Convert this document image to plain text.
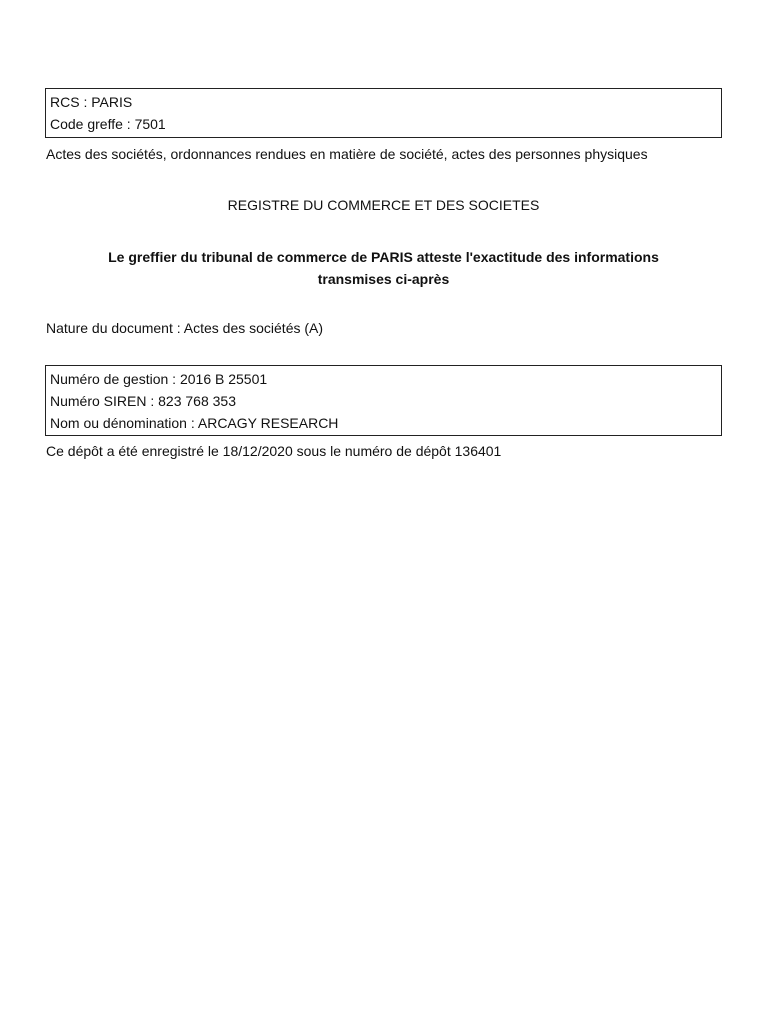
RCS : PARIS
Code greffe : 7501
Actes des sociétés, ordonnances rendues en matière de société, actes des personnes physiques
REGISTRE DU COMMERCE ET DES SOCIETES
Le greffier du tribunal de commerce de PARIS atteste l'exactitude des informations
transmises ci-après
Nature du document : Actes des sociétés (A)
Numéro de gestion : 2016 B 25501
Numéro SIREN : 823 768 353
Nom ou dénomination : ARCAGY RESEARCH
Ce dépôt a été enregistré le 18/12/2020 sous le numéro de dépôt 136401
